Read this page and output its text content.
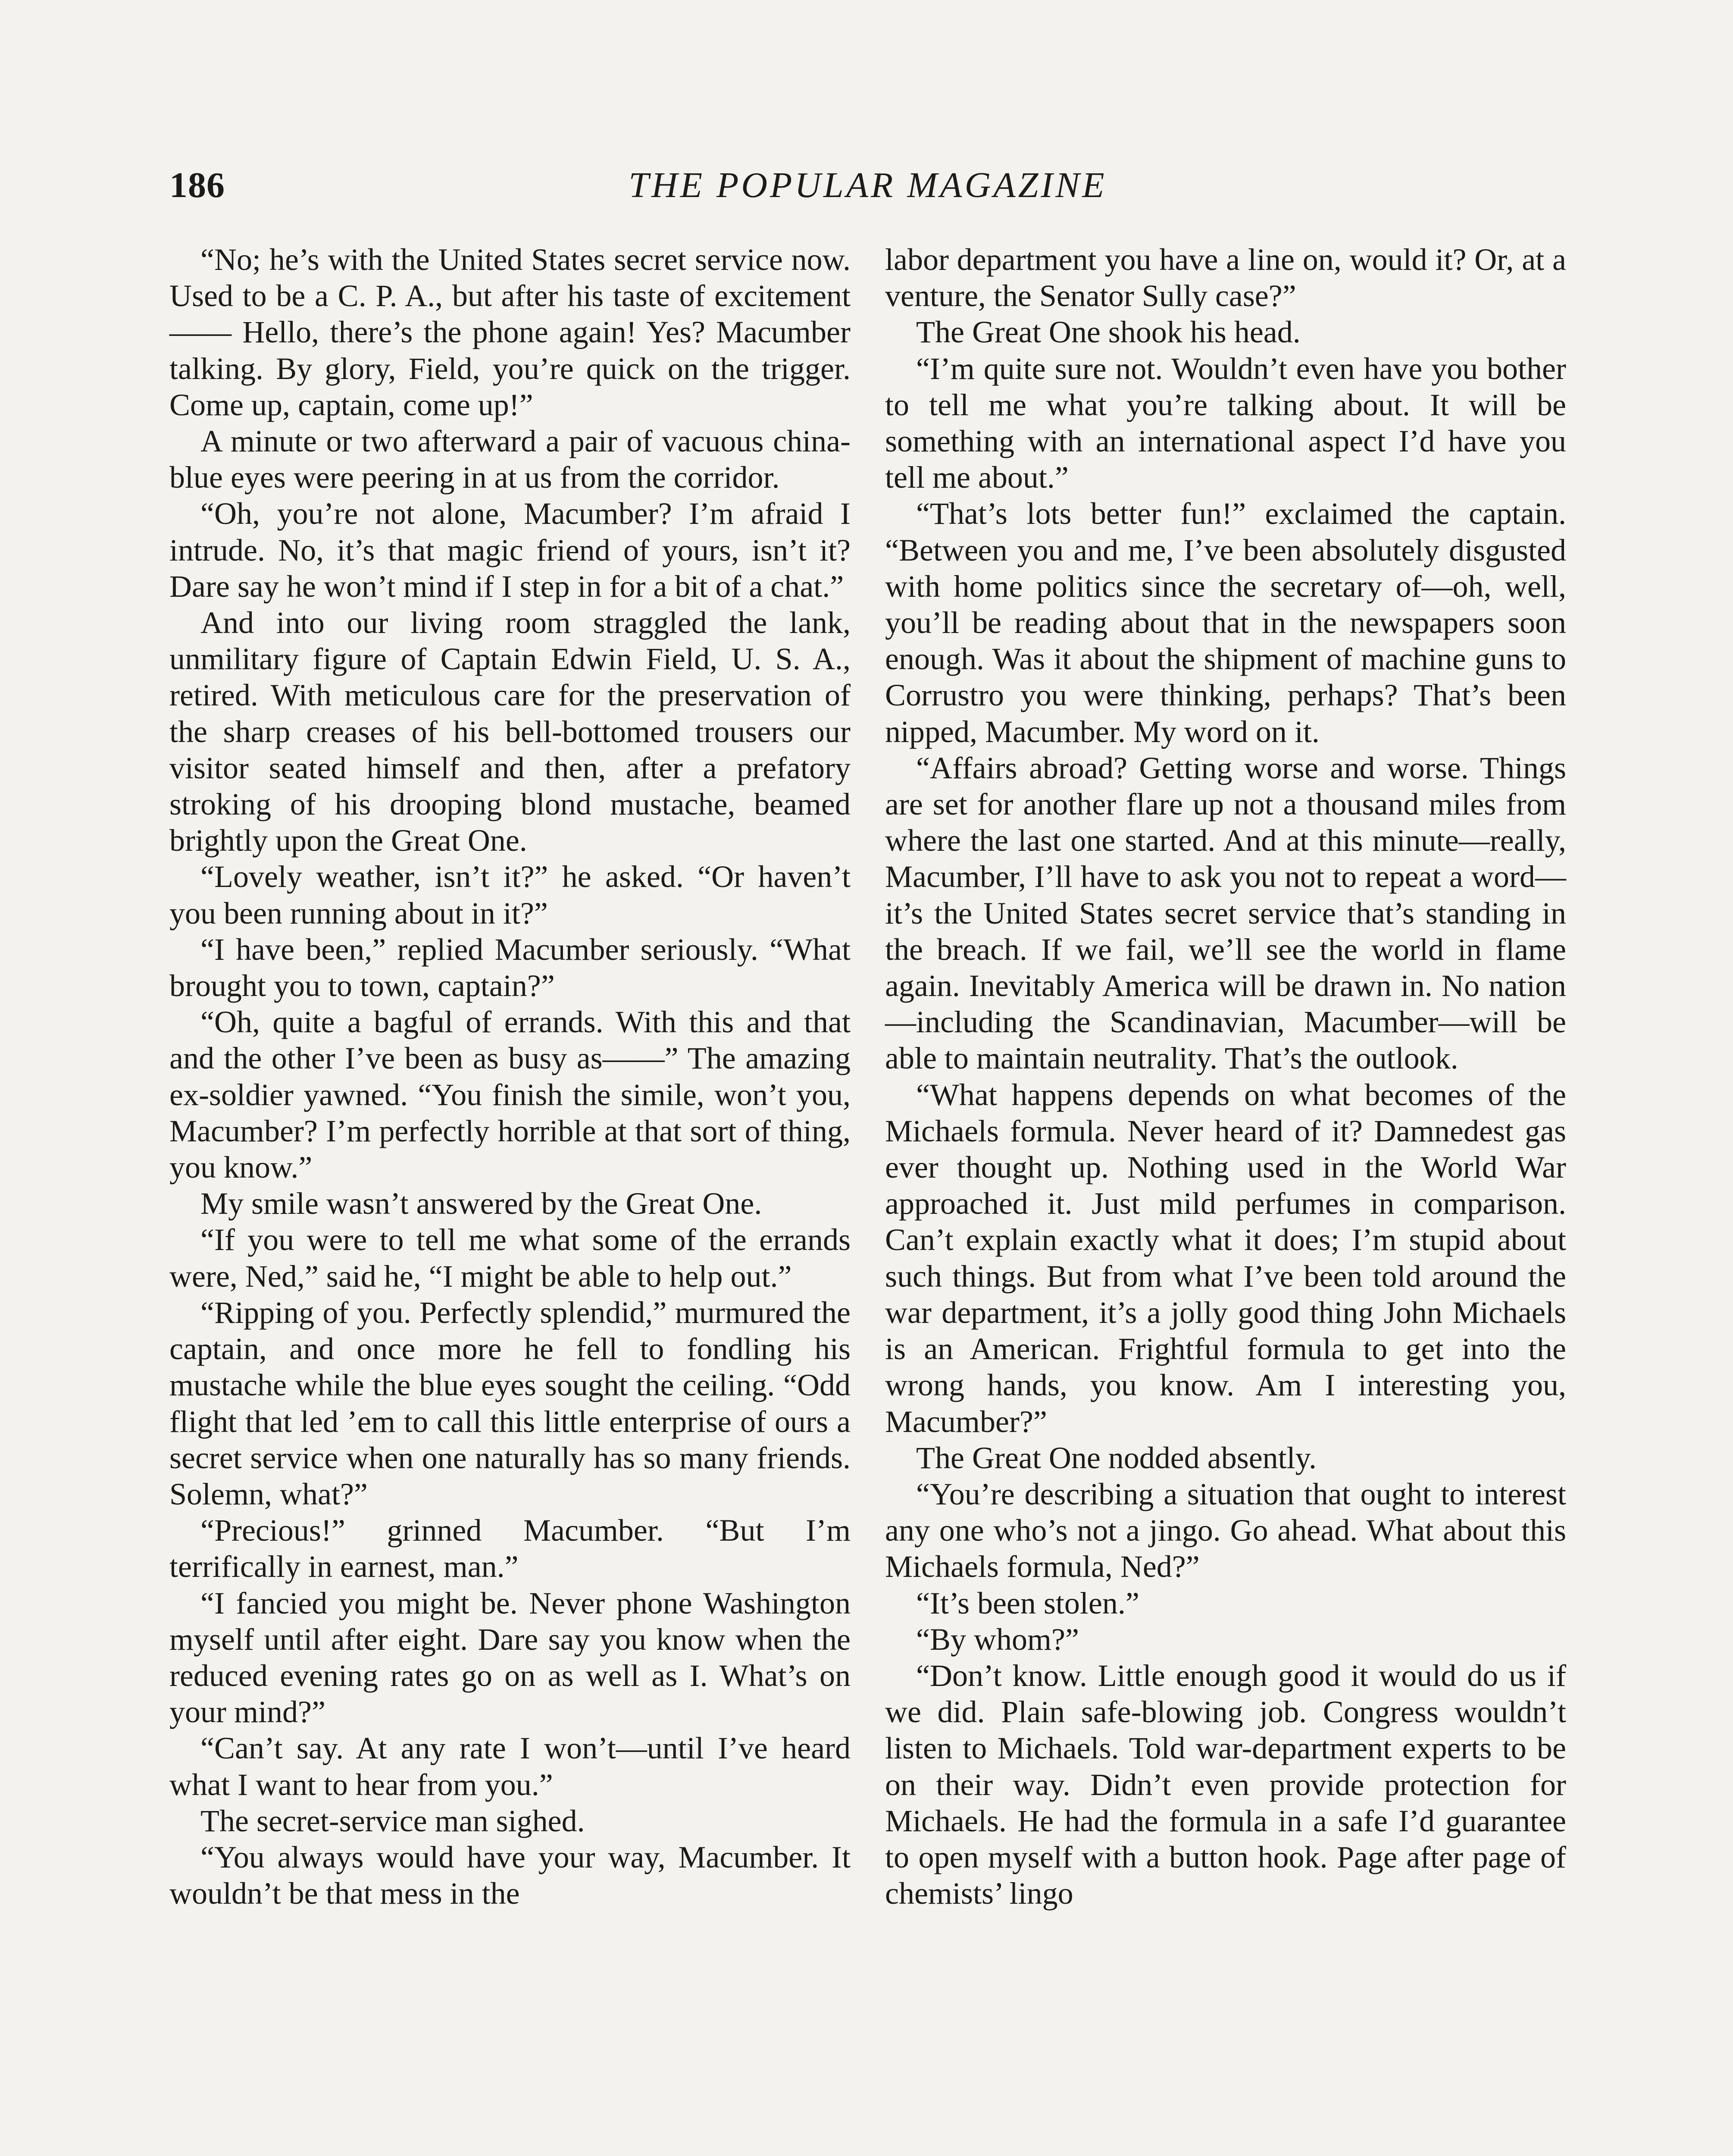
186	THE POPULAR MAGAZINE

“No; he’s with the United States secret service now. Used to be a C. P. A., but after his taste of excitement—— Hello, there’s the phone again! Yes? Macumber talking. By glory, Field, you’re quick on the trigger. Come up, captain, come up!”

A minute or two afterward a pair of vacuous china-blue eyes were peering in at us from the corridor.

“Oh, you’re not alone, Macumber? I’m afraid I intrude. No, it’s that magic friend of yours, isn’t it? Dare say he won’t mind if I step in for a bit of a chat.”

And into our living room straggled the lank, unmilitary figure of Captain Edwin Field, U. S. A., retired. With meticulous care for the preservation of the sharp creases of his bell-bottomed trousers our visitor seated himself and then, after a prefatory stroking of his drooping blond mustache, beamed brightly upon the Great One.

“Lovely weather, isn’t it?” he asked. “Or haven’t you been running about in it?”

“I have been,” replied Macumber seriously. “What brought you to town, captain?”

“Oh, quite a bagful of errands. With this and that and the other I’ve been as busy as——” The amazing ex-soldier yawned. “You finish the simile, won’t you, Macumber? I’m perfectly horrible at that sort of thing, you know.”

My smile wasn’t answered by the Great One.

“If you were to tell me what some of the errands were, Ned,” said he, “I might be able to help out.”

“Ripping of you. Perfectly splendid,” murmured the captain, and once more he fell to fondling his mustache while the blue eyes sought the ceiling. “Odd flight that led ’em to call this little enterprise of ours a secret service when one naturally has so many friends. Solemn, what?”

“Precious!” grinned Macumber. “But I’m terrifically in earnest, man.”

“I fancied you might be. Never phone Washington myself until after eight. Dare say you know when the reduced evening rates go on as well as I. What’s on your mind?”

“Can’t say. At any rate I won’t—until I’ve heard what I want to hear from you.”

The secret-service man sighed.

“You always would have your way, Macumber. It wouldn’t be that mess in the

labor department you have a line on, would it? Or, at a venture, the Senator Sully case?”

The Great One shook his head.

“I’m quite sure not. Wouldn’t even have you bother to tell me what you’re talking about. It will be something with an international aspect I’d have you tell me about.”

“That’s lots better fun!” exclaimed the captain. “Between you and me, I’ve been absolutely disgusted with home politics since the secretary of—oh, well, you’ll be reading about that in the newspapers soon enough. Was it about the shipment of machine guns to Corrustro you were thinking, perhaps? That’s been nipped, Macumber. My word on it.

“Affairs abroad? Getting worse and worse. Things are set for another flare up not a thousand miles from where the last one started. And at this minute—really, Macumber, I’ll have to ask you not to repeat a word—it’s the United States secret service that’s standing in the breach. If we fail, we’ll see the world in flame again. Inevitably America will be drawn in. No nation—including the Scandinavian, Macumber—will be able to maintain neutrality. That’s the outlook.

“What happens depends on what becomes of the Michaels formula. Never heard of it? Damnedest gas ever thought up. Nothing used in the World War approached it. Just mild perfumes in comparison. Can’t explain exactly what it does; I’m stupid about such things. But from what I’ve been told around the war department, it’s a jolly good thing John Michaels is an American. Frightful formula to get into the wrong hands, you know. Am I interesting you, Macumber?”

The Great One nodded absently.

“You’re describing a situation that ought to interest any one who’s not a jingo. Go ahead. What about this Michaels formula, Ned?”

“It’s been stolen.”

“By whom?”

“Don’t know. Little enough good it would do us if we did. Plain safe-blowing job. Congress wouldn’t listen to Michaels. Told war-department experts to be on their way. Didn’t even provide protection for Michaels. He had the formula in a safe I’d guarantee to open myself with a button hook. Page after page of chemists’ lingo
